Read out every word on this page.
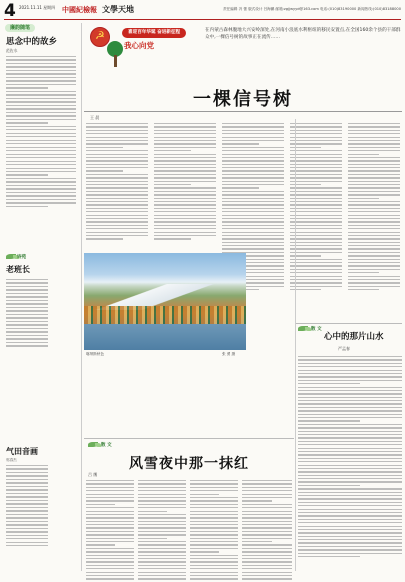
4 2021.11.11 星期四 中國紀檢報 文學天地	责任编辑 冯 蕾 版式设计 吕海鹏 邮箱:zgjjwyyd@163.com 电话:(010)83190000 新闻热线:(010)83188000
廉韵随笔
思念中的故乡
范佐水
诗苑
老班长
气田音画
郭春杰
☭
喜迎百年华诞 奋进新征程
我心向党
在内蒙古森林腹地大兴安岭深处,在河南小浪底水利枢纽的移民安置点,在全国160余个县的干部群众中,一棵信号树的故事正在流传……
一棵信号树
王 晨
喀纳斯秋色	张 勇 摄
散 文
心中的那片山水
严孟春
散 文
风雪夜中那一抹红
吕 鹰
